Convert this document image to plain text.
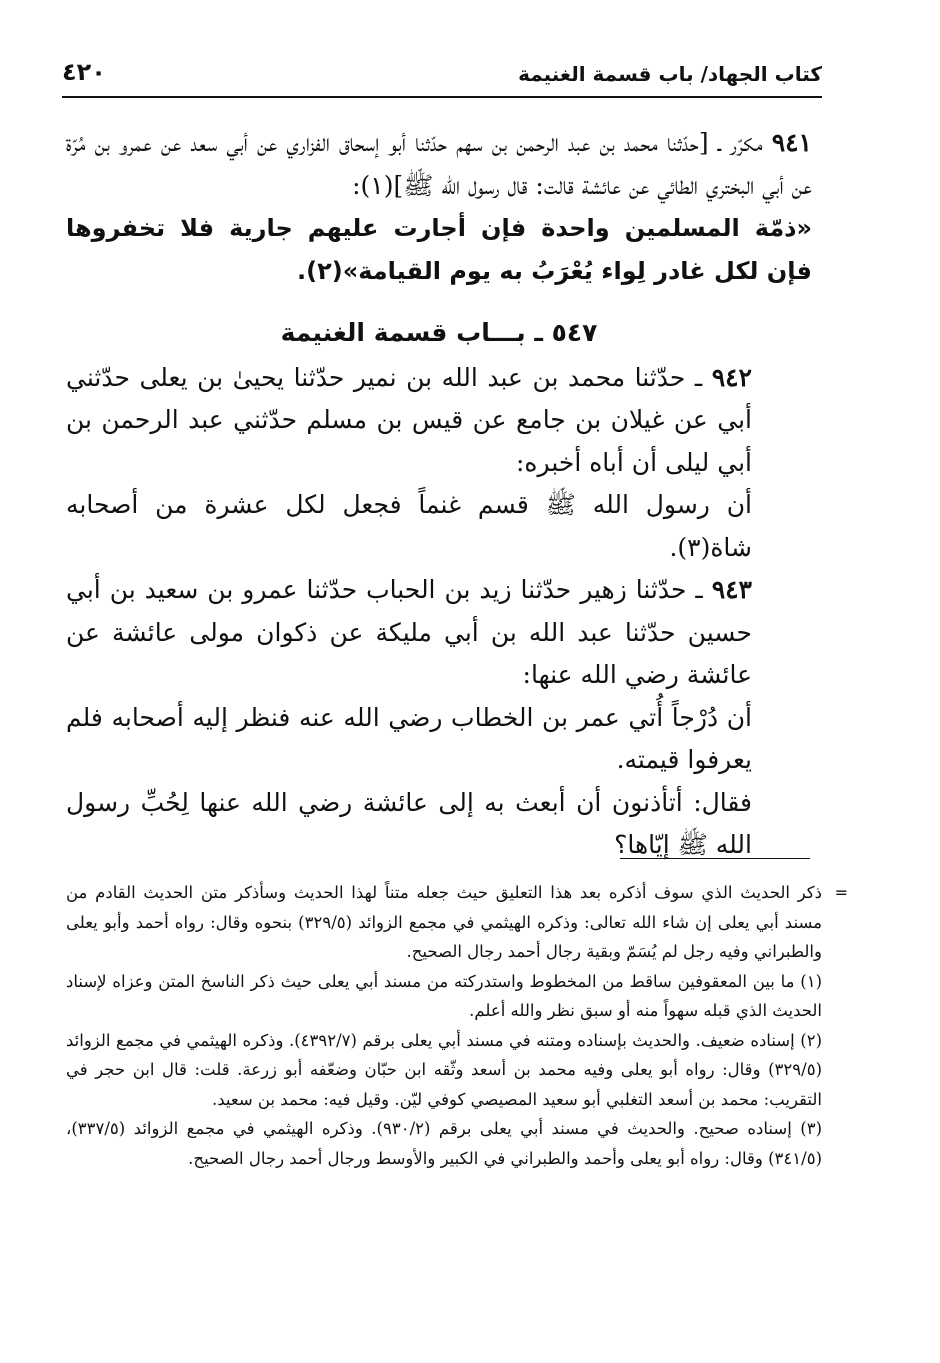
كتاب الجهاد/ باب قسمة الغنيمة
٤٢٠

٩٤١ مكرّر ـ [حدّثنا محمد بن عبد الرحمن بن سهم حدّثنا أبو إسحاق الفزاري عن أبي سعد عن عمرو بن مُرّة عن أبي البختري الطائي عن عائشة قالت: قال رسول الله ﷺ](١):

«ذمّة المسلمين واحدة فإن أجارت عليهم جارية فلا تخفروها فإن لكل غادر لِواء يُعْرَبُ به يوم القيامة»(٢).

٥٤٧ ـ بـــاب قسمة الغنيمة

٩٤٢ ـ حدّثنا محمد بن عبد الله بن نمير حدّثنا يحيىٰ بن يعلى حدّثني أبي عن غيلان بن جامع عن قيس بن مسلم حدّثني عبد الرحمن بن أبي ليلى أن أباه أخبره:

أن رسول الله ﷺ قسم غنماً فجعل لكل عشرة من أصحابه شاة(٣).

٩٤٣ ـ حدّثنا زهير حدّثنا زيد بن الحباب حدّثنا عمرو بن سعيد بن أبي حسين حدّثنا عبد الله بن أبي مليكة عن ذكوان مولى عائشة عن عائشة رضي الله عنها:

أن دُرْجاً أُتي عمر بن الخطاب رضي الله عنه فنظر إليه أصحابه فلم يعرفوا قيمته.

فقال: أتأذنون أن أبعث به إلى عائشة رضي الله عنها لِحُبِّ رسول الله ﷺ إيّاها؟

=
ذكر الحديث الذي سوف أذكره بعد هذا التعليق حيث جعله متناً لهذا الحديث وسأذكر متن الحديث القادم من مسند أبي يعلى إن شاء الله تعالى: وذكره الهيثمي في مجمع الزوائد (٣٢٩/٥) بنحوه وقال: رواه أحمد وأبو يعلى والطبراني وفيه رجل لم يُسَمّ وبقية رجال أحمد رجال الصحيح.

(١) ما بين المعقوفين ساقط من المخطوط واستدركته من مسند أبي يعلى حيث ذكر الناسخ المتن وعزاه لإسناد الحديث الذي قبله سهواً منه أو سبق نظر والله أعلم.

(٢) إسناده ضعيف. والحديث بإسناده ومتنه في مسند أبي يعلى برقم (٤٣٩٢/٧). وذكره الهيثمي في مجمع الزوائد (٣٢٩/٥) وقال: رواه أبو يعلى وفيه محمد بن أسعد وثّقه ابن حبّان وضعّفه أبو زرعة. قلت: قال ابن حجر في التقريب: محمد بن أسعد التغلبي أبو سعيد المصيصي كوفي ليّن. وقيل فيه: محمد بن سعيد.

(٣) إسناده صحيح. والحديث في مسند أبي يعلى برقم (٩٣٠/٢). وذكره الهيثمي في مجمع الزوائد (٣٣٧/٥)، (٣٤١/٥) وقال: رواه أبو يعلى وأحمد والطبراني في الكبير والأوسط ورجال أحمد رجال الصحيح.
